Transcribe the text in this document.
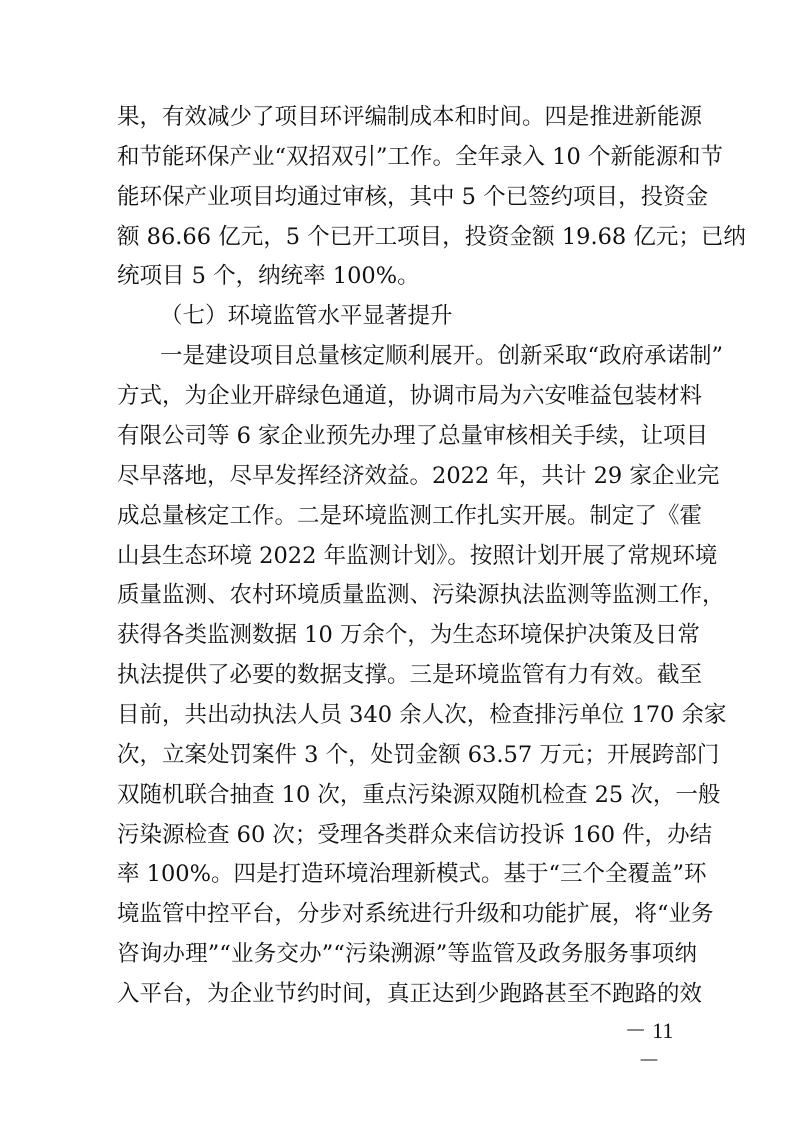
果，有效减少了项目环评编制成本和时间。四是推进新能源
和节能环保产业“双招双引”工作。全年录入 10 个新能源和节
能环保产业项目均通过审核，其中 5 个已签约项目，投资金
额 86.66 亿元，5 个已开工项目，投资金额 19.68 亿元；已纳
统项目 5 个，纳统率 100%。
（七）环境监管水平显著提升
一是建设项目总量核定顺利展开。创新采取“政府承诺制”
方式，为企业开辟绿色通道，协调市局为六安唯益包装材料
有限公司等 6 家企业预先办理了总量审核相关手续，让项目
尽早落地，尽早发挥经济效益。2022 年，共计 29 家企业完
成总量核定工作。二是环境监测工作扎实开展。制定了《霍
山县生态环境 2022 年监测计划》。按照计划开展了常规环境
质量监测、农村环境质量监测、污染源执法监测等监测工作，
获得各类监测数据 10 万余个，为生态环境保护决策及日常
执法提供了必要的数据支撑。三是环境监管有力有效。截至
目前，共出动执法人员 340 余人次，检查排污单位 170 余家
次，立案处罚案件 3 个，处罚金额 63.57 万元；开展跨部门
双随机联合抽查 10 次，重点污染源双随机检查 25 次，一般
污染源检查 60 次；受理各类群众来信访投诉 160 件，办结
率 100%。四是打造环境治理新模式。基于“三个全覆盖”环
境监管中控平台，分步对系统进行升级和功能扩展，将“业务
咨询办理”“业务交办”“污染溯源”等监管及政务服务事项纳
入平台，为企业节约时间，真正达到少跑路甚至不跑路的效
－ 11 －
